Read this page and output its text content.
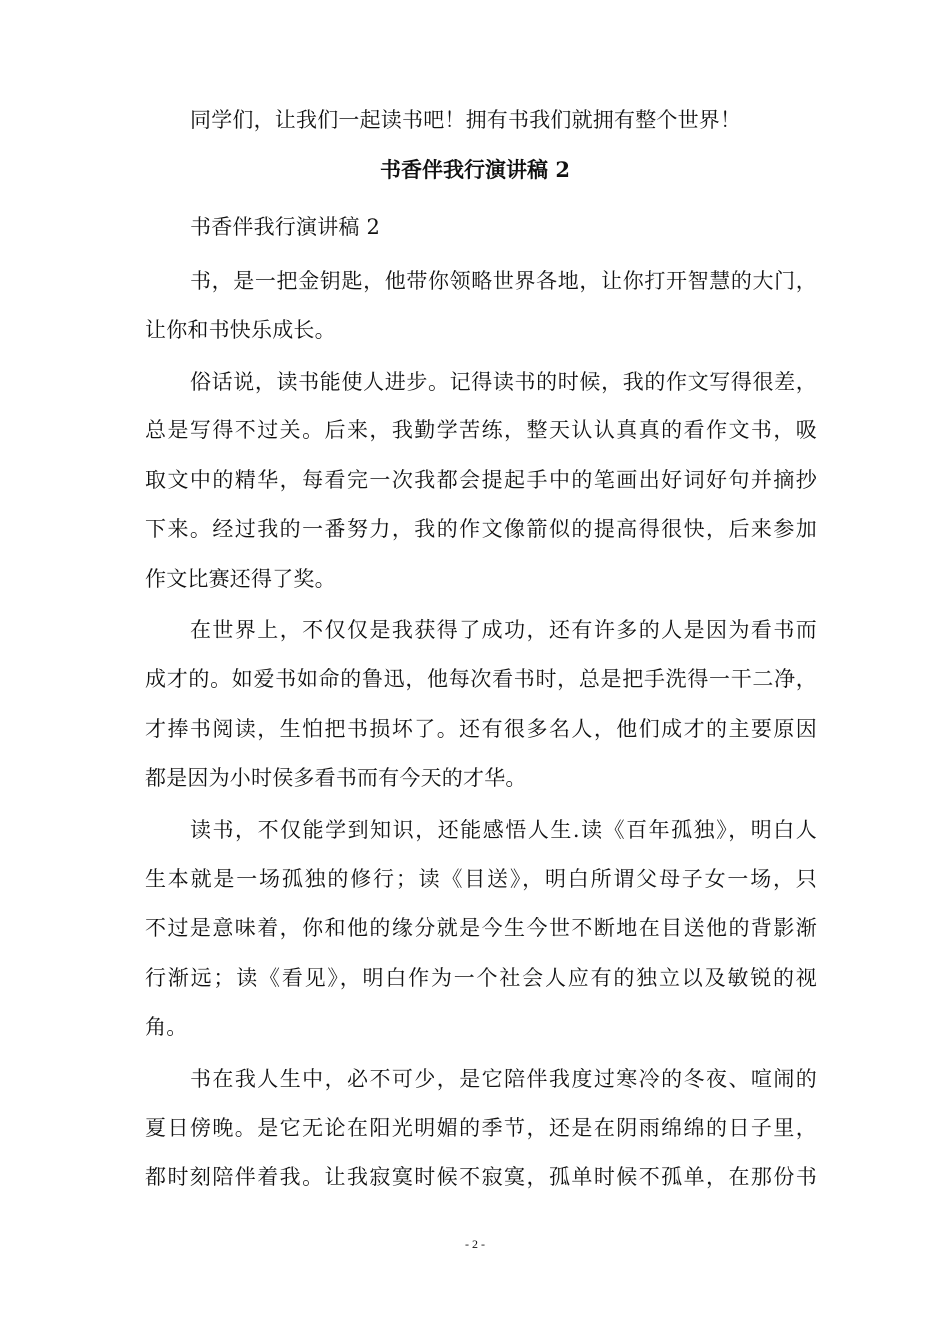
同学们，让我们一起读书吧！拥有书我们就拥有整个世界！
书香伴我行演讲稿 2
书香伴我行演讲稿 2
书，是一把金钥匙，他带你领略世界各地，让你打开智慧的大门，
让你和书快乐成长。
俗话说，读书能使人进步。记得读书的时候，我的作文写得很差，
总是写得不过关。后来，我勤学苦练，整天认认真真的看作文书，吸
取文中的精华，每看完一次我都会提起手中的笔画出好词好句并摘抄
下来。经过我的一番努力，我的作文像箭似的提高得很快，后来参加
作文比赛还得了奖。
在世界上，不仅仅是我获得了成功，还有许多的人是因为看书而
成才的。如爱书如命的鲁迅，他每次看书时，总是把手洗得一干二净，
才捧书阅读，生怕把书损坏了。还有很多名人，他们成才的主要原因
都是因为小时侯多看书而有今天的才华。
读书，不仅能学到知识，还能感悟人生.读《百年孤独》，明白人
生本就是一场孤独的修行；读《目送》，明白所谓父母子女一场，只
不过是意味着，你和他的缘分就是今生今世不断地在目送他的背影渐
行渐远；读《看见》，明白作为一个社会人应有的独立以及敏锐的视
角。
书在我人生中，必不可少，是它陪伴我度过寒冷的冬夜、喧闹的
夏日傍晚。是它无论在阳光明媚的季节，还是在阴雨绵绵的日子里，
都时刻陪伴着我。让我寂寞时候不寂寞，孤单时候不孤单，在那份书
- 2 -
